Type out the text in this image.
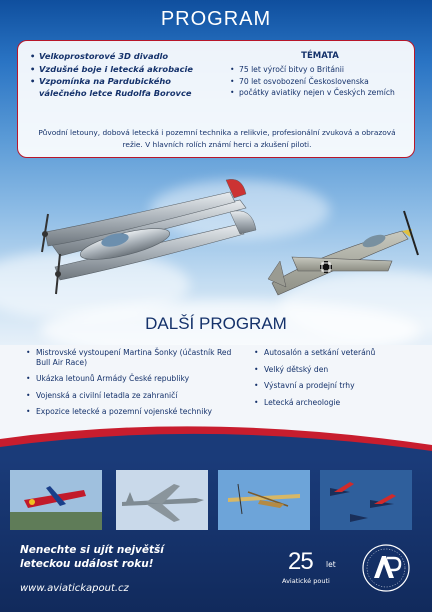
PROGRAM
• Velkoprostorové 3D divadlo
• Vzdušné boje i letecká akrobacie
• Vzpomínka na Pardubického válečného letce Rudolfa Borovce
TÉMATA
• 75 let výročí bitvy o Británii
• 70 let osvobození Československa
• počátky aviatiky nejen v Českých zemích
Původní letouny, dobová letecká i pozemní technika a relikvie, profesionální zvuková a obrazová režie. V hlavních rolích známí herci a zkušení piloti.
DALŠÍ PROGRAM
• Mistrovské vystoupení Martina Šonky (účastník Red Bull Air Race)
• Ukázka letounů Armády České republiky
• Vojenská a civilní letadla ze zahraničí
• Expozice letecké a pozemní vojenské techniky
• Autosalón a setkání veteránů
• Velký dětský den
• Výstavní a prodejní trhy
• Letecká archeologie
Nenechte si ujít největší leteckou událost roku!
www.aviatickapout.cz
25 let
Aviatické pouti
